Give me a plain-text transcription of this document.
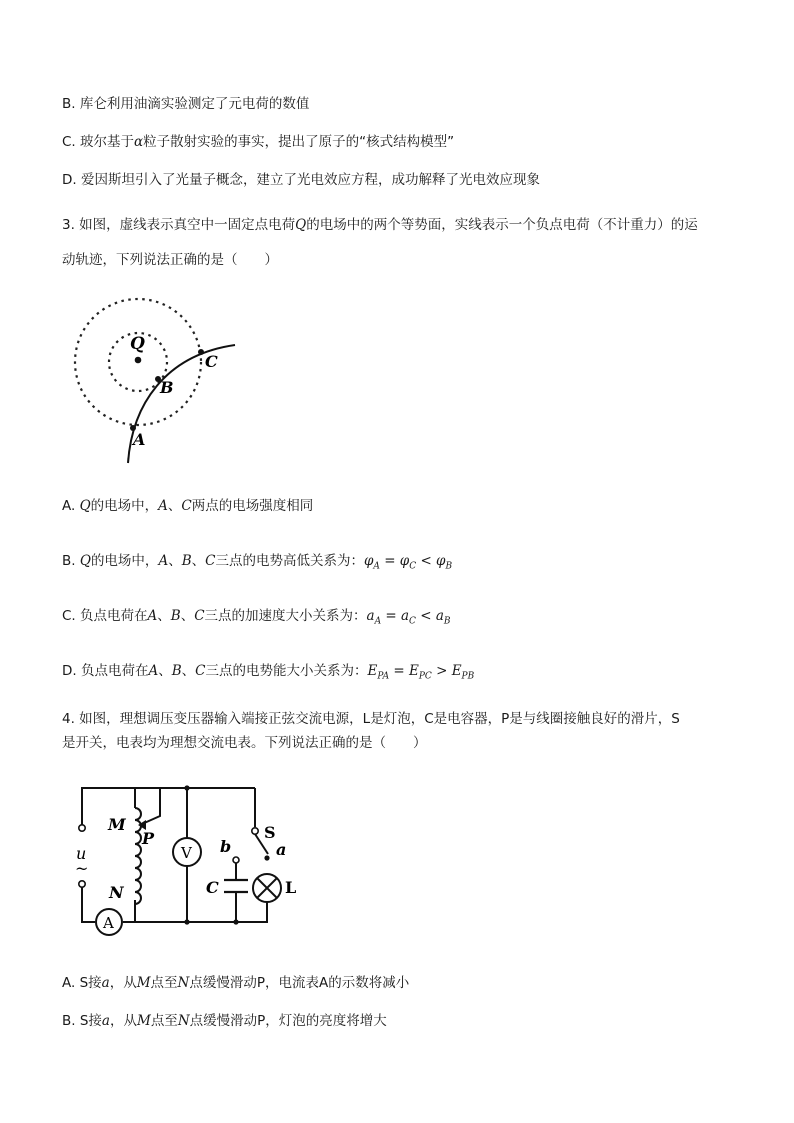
B. 库仑利用油滴实验测定了元电荷的数值
C. 玻尔基于α粒子散射实验的事实，提出了原子的“核式结构模型”
D. 爱因斯坦引入了光量子概念，建立了光电效应方程，成功解释了光电效应现象
3. 如图，虚线表示真空中一固定点电荷Q的电场中的两个等势面，实线表示一个负点电荷（不计重力）的运
动轨迹，下列说法正确的是（　　）
Q
A
B
C
A. Q的电场中，A、C两点的电场强度相同
B. Q的电场中，A、B、C三点的电势高低关系为：$\varphi_A = \varphi_C < \varphi_B$
C. 负点电荷在A、B、C三点的加速度大小关系为：$a_A = a_C < a_B$
D. 负点电荷在A、B、C三点的电势能大小关系为：$E_{PA} = E_{PC} > E_{PB}$
4. 如图，理想调压变压器输入端接正弦交流电源，L是灯泡，C是电容器，P是与线圈接触良好的滑片，S
是开关，电表均为理想交流电表。下列说法正确的是（　　）
u
~
M
P
N
A
V b
C
S
a
L
A. S接a，从M点至N点缓慢滑动P，电流表A的示数将减小
B. S接a，从M点至N点缓慢滑动P，灯泡的亮度将增大
